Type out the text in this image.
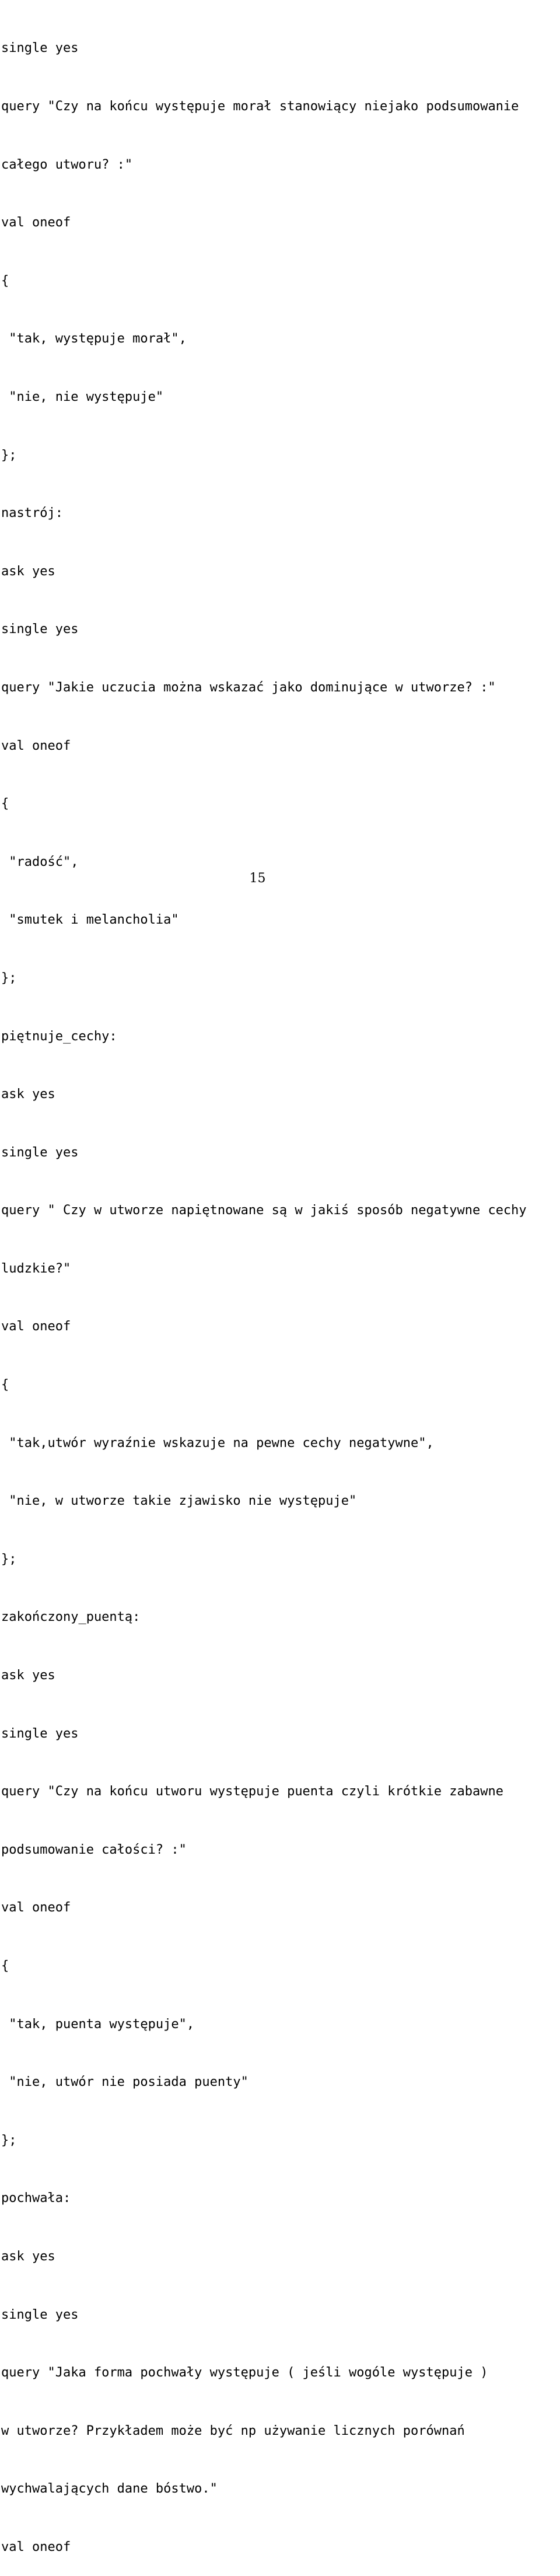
single yes

query "Czy na końcu występuje morał stanowiący niejako podsumowanie

całego utworu? :"

val oneof

{

"tak, występuje morał",

"nie, nie występuje"

};

nastrój:

ask yes

single yes

query "Jakie uczucia można wskazać jako dominujące w utworze? :"

val oneof

{

"radość",

"smutek i melancholia"

};

piętnuje_cechy:

ask yes

single yes

query " Czy w utworze napiętnowane są w jakiś sposób negatywne cechy

ludzkie?"

val oneof

{

"tak,utwór wyraźnie wskazuje na pewne cechy negatywne",

"nie, w utworze takie zjawisko nie występuje"

};

zakończony_puentą:

ask yes

single yes

query "Czy na końcu utworu występuje puenta czyli krótkie zabawne

podsumowanie całości? :"

val oneof

{

"tak, puenta występuje",

"nie, utwór nie posiada puenty"

};

pochwała:

ask yes

single yes

query "Jaka forma pochwały występuje ( jeśli wogóle występuje )

w utworze? Przykładem może być np używanie licznych porównań

wychwalających dane bóstwo."

val oneof

15
